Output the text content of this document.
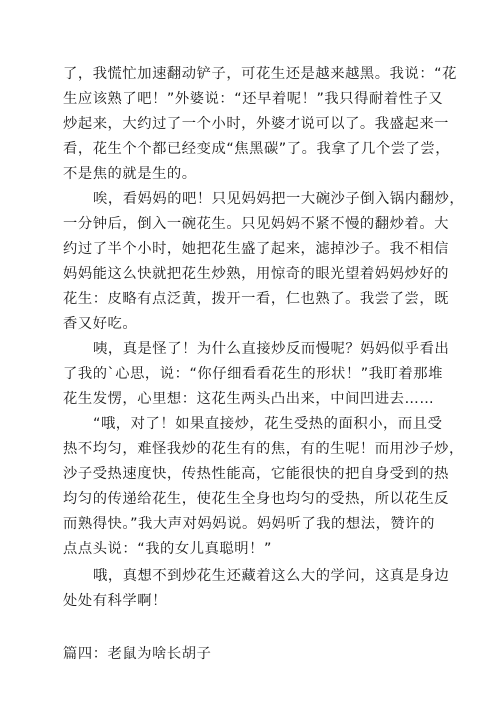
了，我慌忙加速翻动铲子，可花生还是越来越黑。我说：“花
生应该熟了吧！”外婆说：“还早着呢！”我只得耐着性子又
炒起来，大约过了一个小时，外婆才说可以了。我盛起来一
看，花生个个都已经变成“焦黑碳”了。我拿了几个尝了尝，
不是焦的就是生的。
唉，看妈妈的吧！只见妈妈把一大碗沙子倒入锅内翻炒，
一分钟后，倒入一碗花生。只见妈妈不紧不慢的翻炒着。大
约过了半个小时，她把花生盛了起来，滤掉沙子。我不相信
妈妈能这么快就把花生炒熟，用惊奇的眼光望着妈妈炒好的
花生：皮略有点泛黄，拨开一看，仁也熟了。我尝了尝，既
香又好吃。
咦，真是怪了！为什么直接炒反而慢呢？妈妈似乎看出
了我的`心思，说：“你仔细看看花生的形状！”我盯着那堆
花生发愣，心里想：这花生两头凸出来，中间凹进去……
“哦，对了！如果直接炒，花生受热的面积小，而且受
热不均匀，难怪我炒的花生有的焦，有的生呢！而用沙子炒，
沙子受热速度快，传热性能高，它能很快的把自身受到的热
均匀的传递给花生，使花生全身也均匀的受热，所以花生反
而熟得快。”我大声对妈妈说。妈妈听了我的想法，赞许的
点点头说：“我的女儿真聪明！”
哦，真想不到炒花生还藏着这么大的学问，这真是身边
处处有科学啊！
篇四：老鼠为啥长胡子
